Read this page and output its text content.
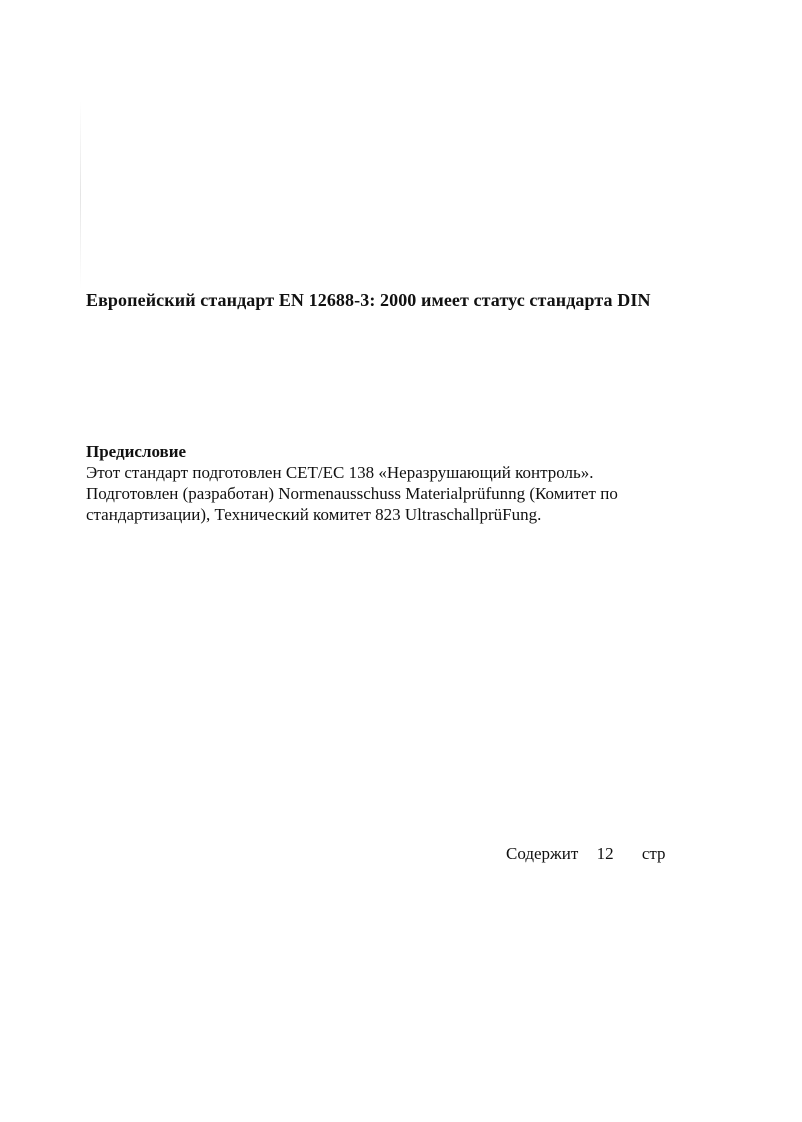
Европейский стандарт EN 12688-3: 2000 имеет статус стандарта DIN

Предисловие

Этот стандарт подготовлен CET/EC 138 «Неразрушающий контроль».

Подготовлен (разработан) Normenausschuss Materialprüfunng (Комитет по

стандартизации), Технический комитет 823 UltraschallprüFung.

Содержит 12 стр
